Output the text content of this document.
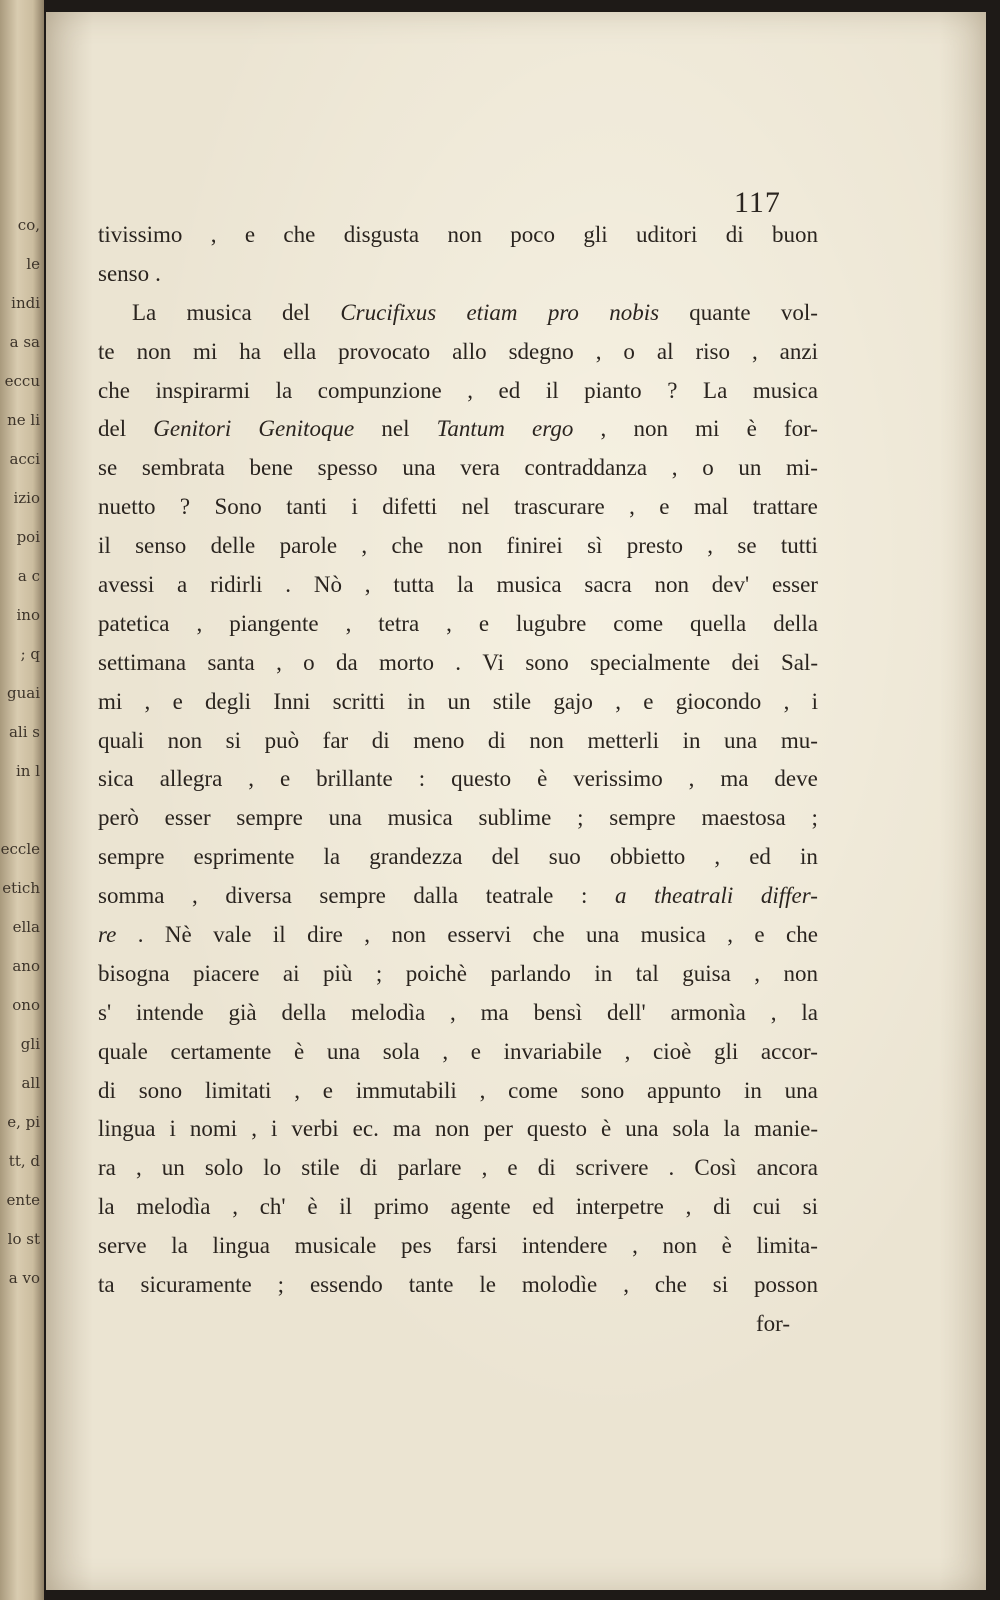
co,
le
indi
a sa
eccu
ne li
acci
izio
poi
a c
ino
; q
guai
ali s
in l
eccle
etich
ella
ano
ono
gli
all
e, pi
tt, d
ente
lo st
a vo
117
tivissimo , e che disgusta non poco gli uditori di buon
senso .
La musica del Crucifixus etiam pro nobis quante vol-
te non mi ha ella provocato allo sdegno , o al riso , anzi
che inspirarmi la compunzione , ed il pianto ? La musica
del Genitori Genitoque nel Tantum ergo , non mi è for-
se sembrata bene spesso una vera contraddanza , o un mi-
nuetto ? Sono tanti i difetti nel trascurare , e mal trattare
il senso delle parole , che non finirei sì presto , se tutti
avessi a ridirli . Nò , tutta la musica sacra non dev' esser
patetica , piangente , tetra , e lugubre come quella della
settimana santa , o da morto . Vi sono specialmente dei Sal-
mi , e degli Inni scritti in un stile gajo , e giocondo , i
quali non si può far di meno di non metterli in una mu-
sica allegra , e brillante : questo è verissimo , ma deve
però esser sempre una musica sublime ; sempre maestosa ;
sempre esprimente la grandezza del suo obbietto , ed in
somma , diversa sempre dalla teatrale : a theatrali differ-
re . Nè vale il dire , non esservi che una musica , e che
bisogna piacere ai più ; poichè parlando in tal guisa , non
s' intende già della melodìa , ma bensì dell' armonìa , la
quale certamente è una sola , e invariabile , cioè gli accor-
di sono limitati , e immutabili , come sono appunto in una
lingua i nomi , i verbi ec. ma non per questo è una sola la manie-
ra , un solo lo stile di parlare , e di scrivere . Così ancora
la melodìa , ch' è il primo agente ed interpetre , di cui si
serve la lingua musicale pes farsi intendere , non è limita-
ta sicuramente ; essendo tante le molodìe , che si posson
for-
